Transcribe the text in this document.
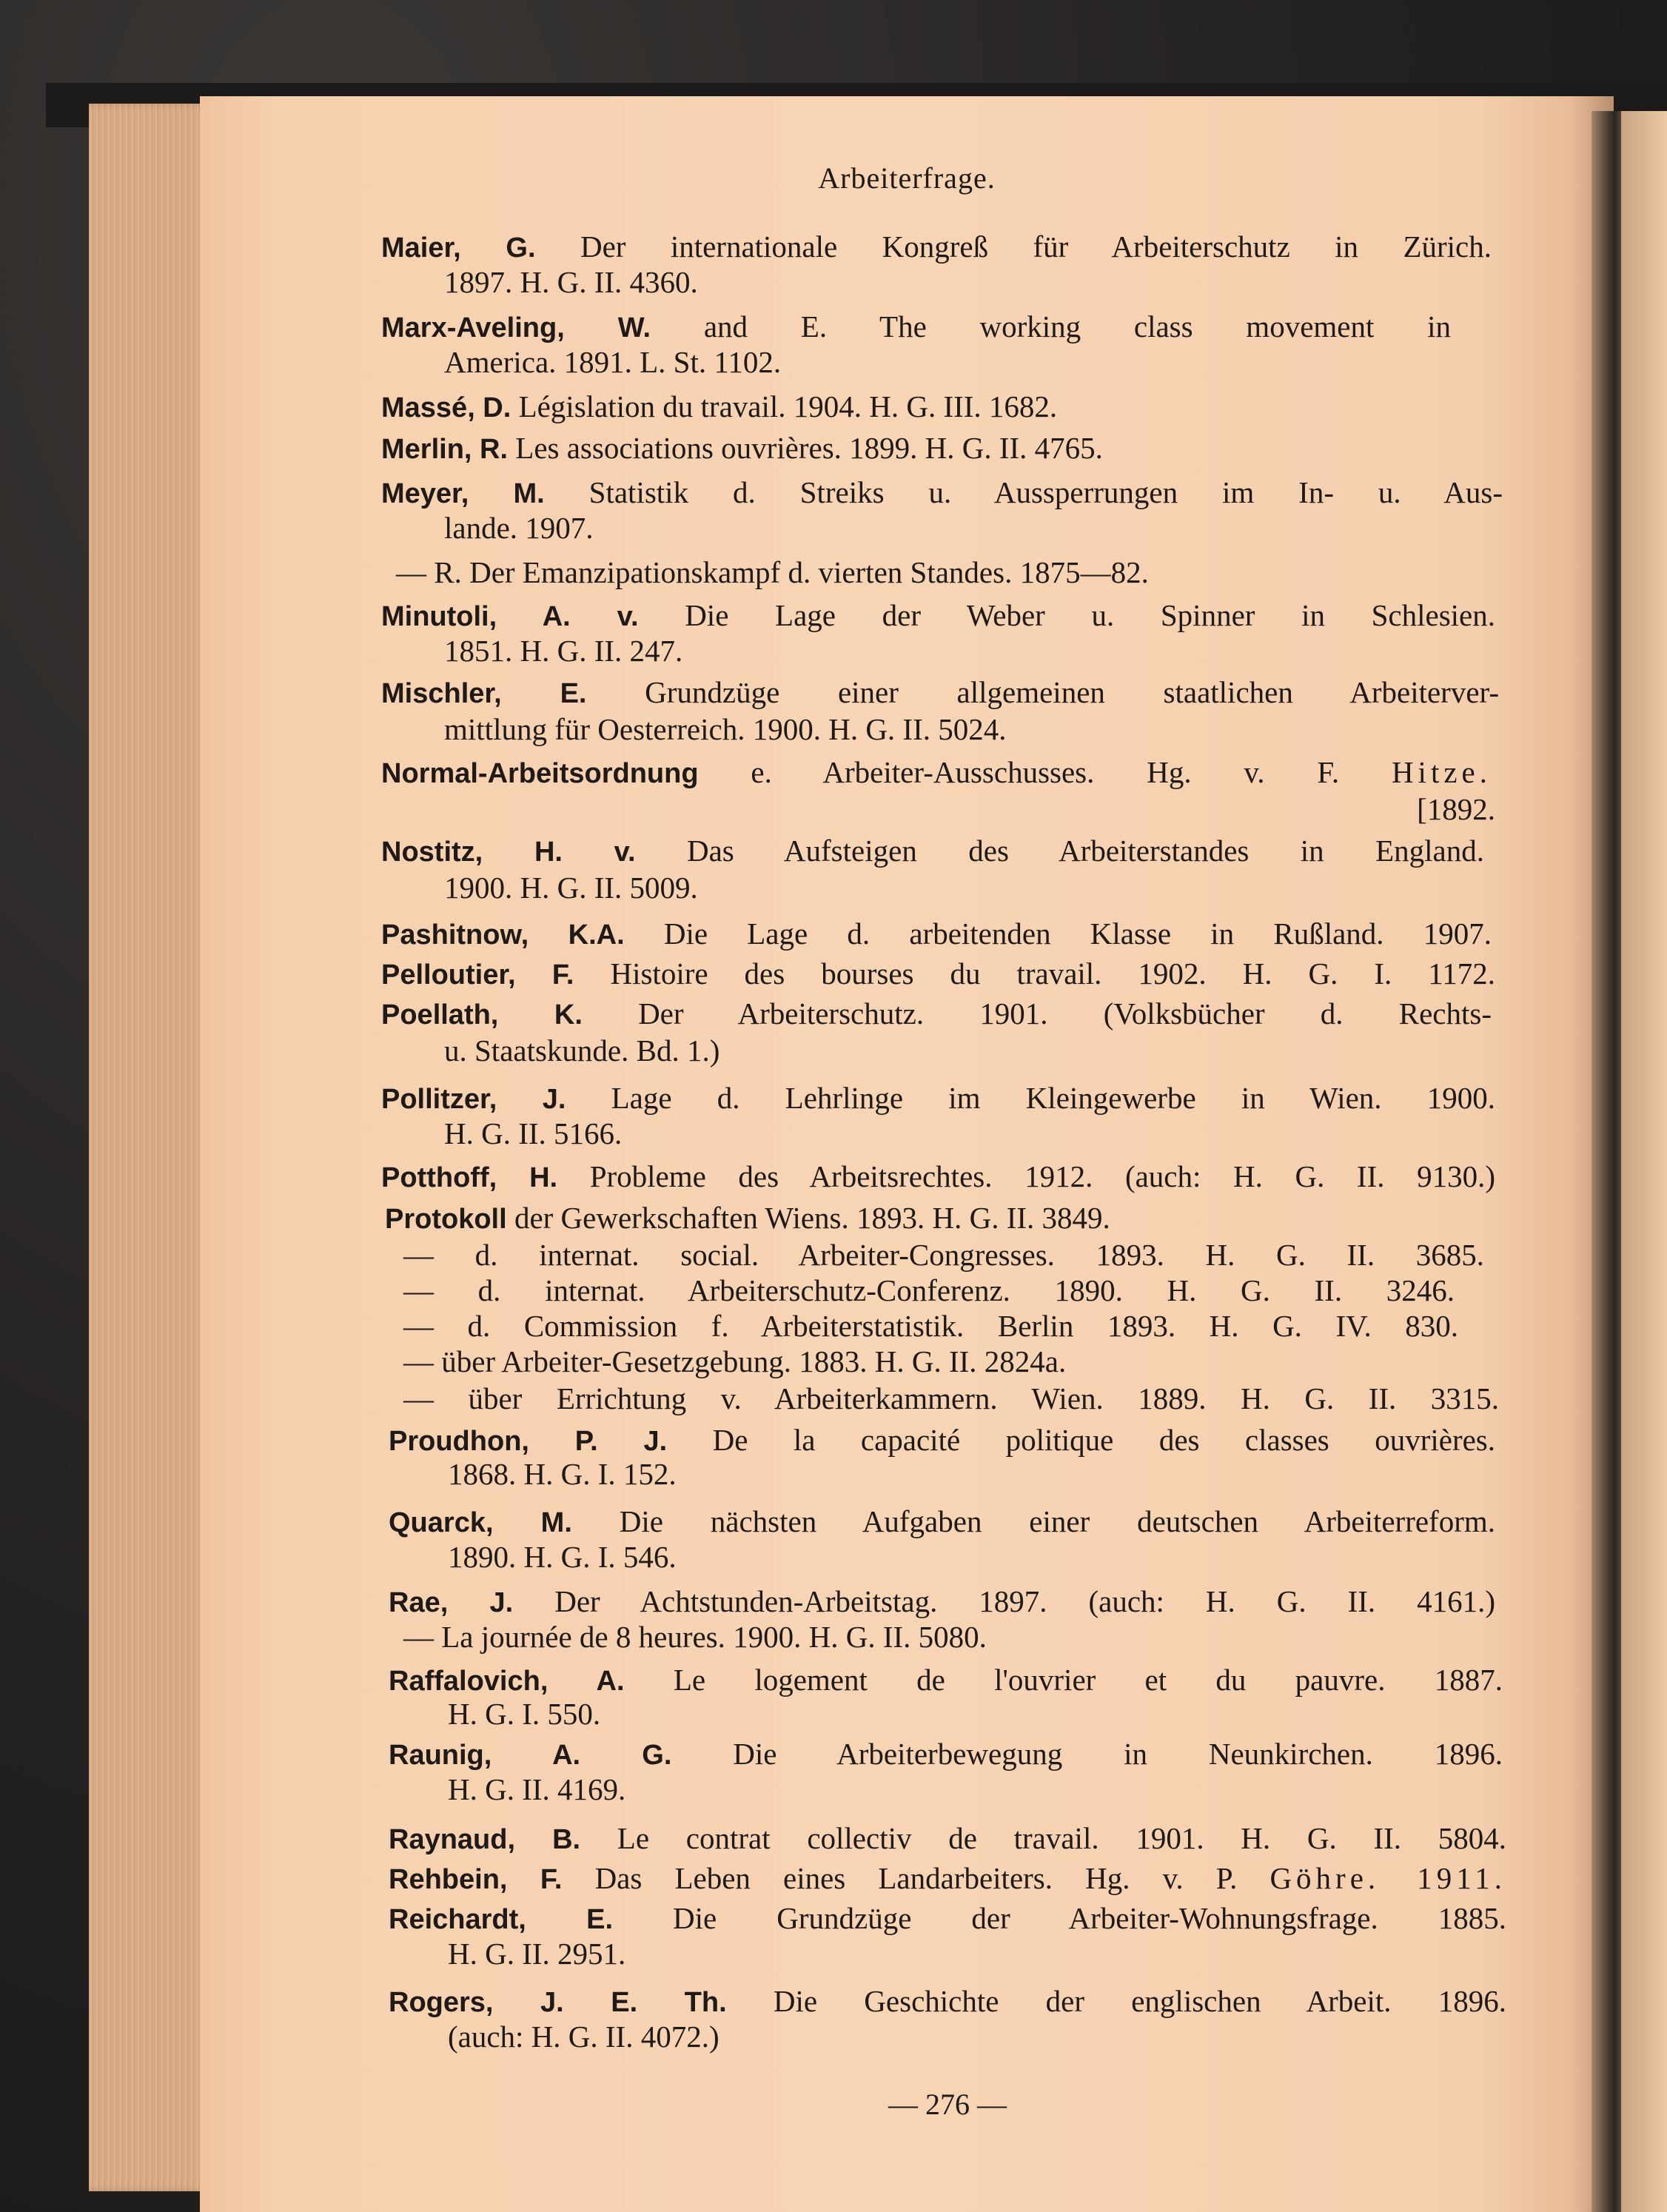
Arbeiterfrage.
Maier, G. Der internationale Kongreß für Arbeiterschutz in Zürich.
1897. H. G. II. 4360.
Marx-Aveling, W. and E. The working class movement in
America. 1891. L. St. 1102.
Massé, D. Législation du travail. 1904. H. G. III. 1682.
Merlin, R. Les associations ouvrières. 1899. H. G. II. 4765.
Meyer, M. Statistik d. Streiks u. Aussperrungen im In- u. Aus-
lande. 1907.
— R. Der Emanzipationskampf d. vierten Standes. 1875—82.
Minutoli, A. v. Die Lage der Weber u. Spinner in Schlesien.
1851. H. G. II. 247.
Mischler, E. Grundzüge einer allgemeinen staatlichen Arbeiterver-
mittlung für Oesterreich. 1900. H. G. II. 5024.
Normal-Arbeitsordnung e. Arbeiter-Ausschusses. Hg. v. F. Hitze.
[1892.
Nostitz, H. v. Das Aufsteigen des Arbeiterstandes in England.
1900. H. G. II. 5009.
Pashitnow, K.A. Die Lage d. arbeitenden Klasse in Rußland. 1907.
Pelloutier, F. Histoire des bourses du travail. 1902. H. G. I. 1172.
Poellath, K. Der Arbeiterschutz. 1901. (Volksbücher d. Rechts-
u. Staatskunde. Bd. 1.)
Pollitzer, J. Lage d. Lehrlinge im Kleingewerbe in Wien. 1900.
H. G. II. 5166.
Potthoff, H. Probleme des Arbeitsrechtes. 1912. (auch: H. G. II. 9130.)
Protokoll der Gewerkschaften Wiens. 1893. H. G. II. 3849.
— d. internat. social. Arbeiter-Congresses. 1893. H. G. II. 3685.
— d. internat. Arbeiterschutz-Conferenz. 1890. H. G. II. 3246.
— d. Commission f. Arbeiterstatistik. Berlin 1893. H. G. IV. 830.
— über Arbeiter-Gesetzgebung. 1883. H. G. II. 2824a.
— über Errichtung v. Arbeiterkammern. Wien. 1889. H. G. II. 3315.
Proudhon, P. J. De la capacité politique des classes ouvrières.
1868. H. G. I. 152.
Quarck, M. Die nächsten Aufgaben einer deutschen Arbeiterreform.
1890. H. G. I. 546.
Rae, J. Der Achtstunden-Arbeitstag. 1897. (auch: H. G. II. 4161.)
— La journée de 8 heures. 1900. H. G. II. 5080.
Raffalovich, A. Le logement de l'ouvrier et du pauvre. 1887.
H. G. I. 550.
Raunig, A. G. Die Arbeiterbewegung in Neunkirchen. 1896.
H. G. II. 4169.
Raynaud, B. Le contrat collectiv de travail. 1901. H. G. II. 5804.
Rehbein, F. Das Leben eines Landarbeiters. Hg. v. P. Göhre. 1911.
Reichardt, E. Die Grundzüge der Arbeiter-Wohnungsfrage. 1885.
H. G. II. 2951.
Rogers, J. E. Th. Die Geschichte der englischen Arbeit. 1896.
(auch: H. G. II. 4072.)
— 276 —
